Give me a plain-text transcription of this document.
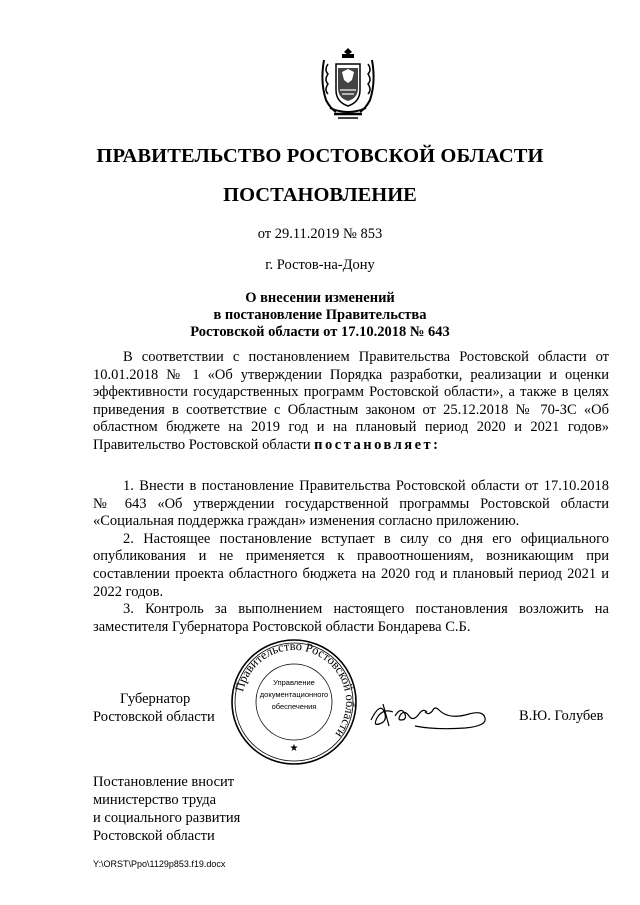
ПРАВИТЕЛЬСТВО РОСТОВСКОЙ ОБЛАСТИ
ПОСТАНОВЛЕНИЕ
от 29.11.2019 № 853
г. Ростов-на-Дону
О внесении изменений
в постановление Правительства
Ростовской области от 17.10.2018 № 643
В соответствии с постановлением Правительства Ростовской области от 10.01.2018 № 1 «Об утверждении Порядка разработки, реализации и оценки эффективности государственных программ Ростовской области», а также в целях приведения в соответствие с Областным законом от 25.12.2018 № 70-ЗС «Об областном бюджете на 2019 год и на плановый период 2020 и 2021 годов» Правительство Ростовской области постановляет:

1. Внести в постановление Правительства Ростовской области от 17.10.2018 № 643 «Об утверждении государственной программы Ростовской области «Социальная поддержка граждан» изменения согласно приложению.

2. Настоящее постановление вступает в силу со дня его официального опубликования и не применяется к правоотношениям, возникающим при составлении проекта областного бюджета на 2020 год и плановый период 2021 и 2022 годов.

3. Контроль за выполнением настоящего постановления возложить на заместителя Губернатора Ростовской области Бондарева С.Б.

Губернатор
Ростовской области
Правительство Ростовской области
Управление
документационного
обеспечения
★
В.Ю. Голубев
Постановление вносит
министерство труда
и социального развития
Ростовской области
Y:\ORST\Ppo\1129p853.f19.docx
